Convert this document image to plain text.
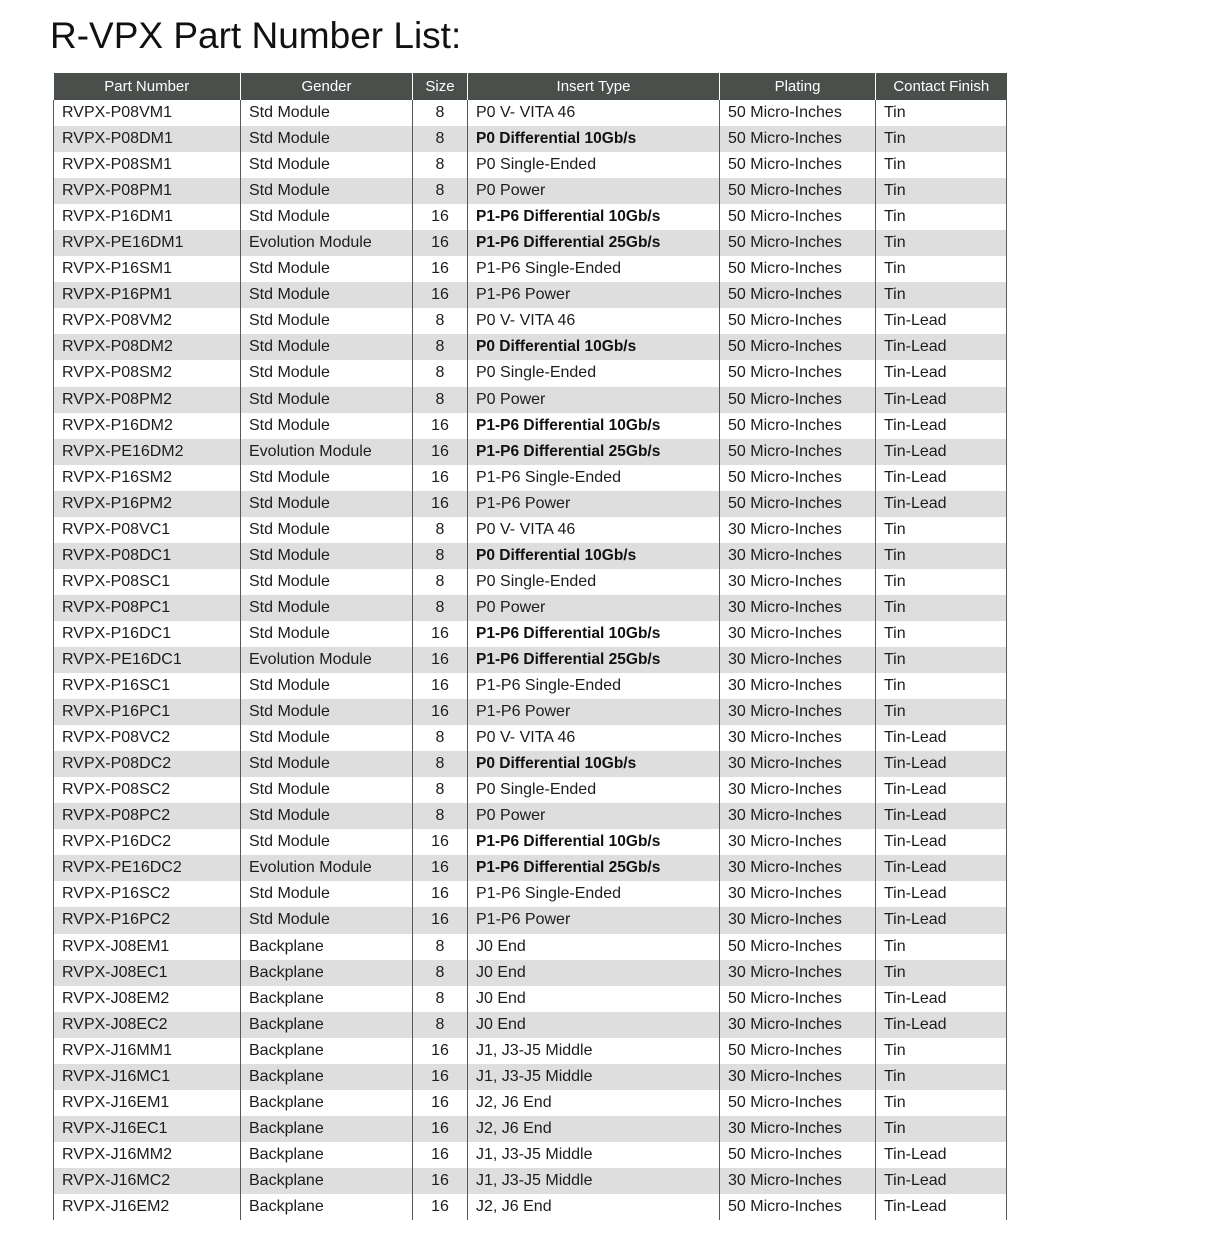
R-VPX Part Number List:
Part Number	Gender	Size	Insert Type	Plating	Contact Finish
RVPX-P08VM1	Std Module	8	P0 V- VITA 46	50 Micro-Inches	Tin
RVPX-P08DM1	Std Module	8	P0 Differential 10Gb/s	50 Micro-Inches	Tin
RVPX-P08SM1	Std Module	8	P0 Single-Ended	50 Micro-Inches	Tin
RVPX-P08PM1	Std Module	8	P0 Power	50 Micro-Inches	Tin
RVPX-P16DM1	Std Module	16	P1-P6 Differential 10Gb/s	50 Micro-Inches	Tin
RVPX-PE16DM1	Evolution Module	16	P1-P6 Differential 25Gb/s	50 Micro-Inches	Tin
RVPX-P16SM1	Std Module	16	P1-P6 Single-Ended	50 Micro-Inches	Tin
RVPX-P16PM1	Std Module	16	P1-P6 Power	50 Micro-Inches	Tin
RVPX-P08VM2	Std Module	8	P0 V- VITA 46	50 Micro-Inches	Tin-Lead
RVPX-P08DM2	Std Module	8	P0 Differential 10Gb/s	50 Micro-Inches	Tin-Lead
RVPX-P08SM2	Std Module	8	P0 Single-Ended	50 Micro-Inches	Tin-Lead
RVPX-P08PM2	Std Module	8	P0 Power	50 Micro-Inches	Tin-Lead
RVPX-P16DM2	Std Module	16	P1-P6 Differential 10Gb/s	50 Micro-Inches	Tin-Lead
RVPX-PE16DM2	Evolution Module	16	P1-P6 Differential 25Gb/s	50 Micro-Inches	Tin-Lead
RVPX-P16SM2	Std Module	16	P1-P6 Single-Ended	50 Micro-Inches	Tin-Lead
RVPX-P16PM2	Std Module	16	P1-P6 Power	50 Micro-Inches	Tin-Lead
RVPX-P08VC1	Std Module	8	P0 V- VITA 46	30 Micro-Inches	Tin
RVPX-P08DC1	Std Module	8	P0 Differential 10Gb/s	30 Micro-Inches	Tin
RVPX-P08SC1	Std Module	8	P0 Single-Ended	30 Micro-Inches	Tin
RVPX-P08PC1	Std Module	8	P0 Power	30 Micro-Inches	Tin
RVPX-P16DC1	Std Module	16	P1-P6 Differential 10Gb/s	30 Micro-Inches	Tin
RVPX-PE16DC1	Evolution Module	16	P1-P6 Differential 25Gb/s	30 Micro-Inches	Tin
RVPX-P16SC1	Std Module	16	P1-P6 Single-Ended	30 Micro-Inches	Tin
RVPX-P16PC1	Std Module	16	P1-P6 Power	30 Micro-Inches	Tin
RVPX-P08VC2	Std Module	8	P0 V- VITA 46	30 Micro-Inches	Tin-Lead
RVPX-P08DC2	Std Module	8	P0 Differential 10Gb/s	30 Micro-Inches	Tin-Lead
RVPX-P08SC2	Std Module	8	P0 Single-Ended	30 Micro-Inches	Tin-Lead
RVPX-P08PC2	Std Module	8	P0 Power	30 Micro-Inches	Tin-Lead
RVPX-P16DC2	Std Module	16	P1-P6 Differential 10Gb/s	30 Micro-Inches	Tin-Lead
RVPX-PE16DC2	Evolution Module	16	P1-P6 Differential 25Gb/s	30 Micro-Inches	Tin-Lead
RVPX-P16SC2	Std Module	16	P1-P6 Single-Ended	30 Micro-Inches	Tin-Lead
RVPX-P16PC2	Std Module	16	P1-P6 Power	30 Micro-Inches	Tin-Lead
RVPX-J08EM1	Backplane	8	J0 End	50 Micro-Inches	Tin
RVPX-J08EC1	Backplane	8	J0 End	30 Micro-Inches	Tin
RVPX-J08EM2	Backplane	8	J0 End	50 Micro-Inches	Tin-Lead
RVPX-J08EC2	Backplane	8	J0 End	30 Micro-Inches	Tin-Lead
RVPX-J16MM1	Backplane	16	J1, J3-J5 Middle	50 Micro-Inches	Tin
RVPX-J16MC1	Backplane	16	J1, J3-J5 Middle	30 Micro-Inches	Tin
RVPX-J16EM1	Backplane	16	J2, J6 End	50 Micro-Inches	Tin
RVPX-J16EC1	Backplane	16	J2, J6 End	30 Micro-Inches	Tin
RVPX-J16MM2	Backplane	16	J1, J3-J5 Middle	50 Micro-Inches	Tin-Lead
RVPX-J16MC2	Backplane	16	J1, J3-J5 Middle	30 Micro-Inches	Tin-Lead
RVPX-J16EM2	Backplane	16	J2, J6 End	50 Micro-Inches	Tin-Lead
